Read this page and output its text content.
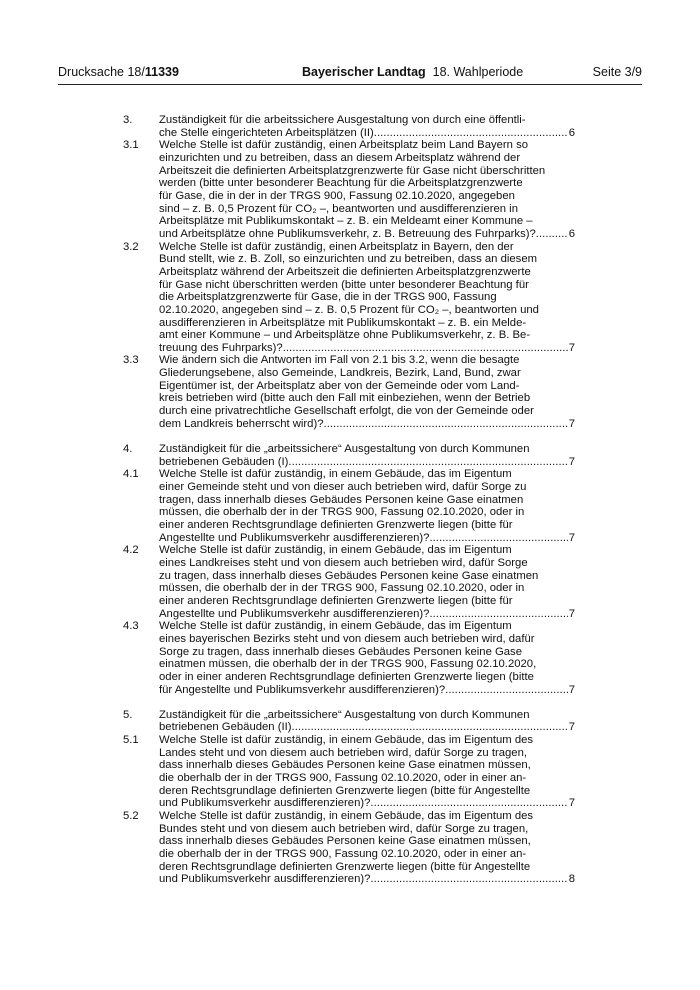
Drucksache 18/11339	Bayerischer Landtag 18. Wahlperiode	Seite 3/9
3. Zuständigkeit für die arbeitssichere Ausgestaltung von durch eine öffentli-
che Stelle eingerichteten Arbeitsplätzen (II) . . .	6
3.1 Welche Stelle ist dafür zuständig, einen Arbeitsplatz beim Land Bayern so
einzurichten und zu betreiben, dass an diesem Arbeitsplatz während der
Arbeitszeit die definierten Arbeitsplatzgrenzwerte für Gase nicht überschritten
werden (bitte unter besonderer Beachtung für die Arbeitsplatzgrenzwerte
für Gase, die in der in der TRGS 900, Fassung 02.10.2020, angegeben
sind – z. B. 0,5 Prozent für CO₂ –, beantworten und ausdifferenzieren in
Arbeitsplätze mit Publikumskontakt – z. B. ein Meldeamt einer Kommune –
und Arbeitsplätze ohne Publikumsverkehr, z. B. Betreuung des Fuhrparks)? . . .	6
3.2 Welche Stelle ist dafür zuständig, einen Arbeitsplatz in Bayern, den der
Bund stellt, wie z. B. Zoll, so einzurichten und zu betreiben, dass an diesem
Arbeitsplatz während der Arbeitszeit die definierten Arbeitsplatzgrenzwerte
für Gase nicht überschritten werden (bitte unter besonderer Beachtung für
die Arbeitsplatzgrenzwerte für Gase, die in der TRGS 900, Fassung
02.10.2020, angegeben sind – z. B. 0,5 Prozent für CO₂ –, beantworten und
ausdifferenzieren in Arbeitsplätze mit Publikumskontakt – z. B. ein Melde-
amt einer Kommune – und Arbeitsplätze ohne Publikumsverkehr, z. B. Be-
treuung des Fuhrparks)? . . .	7
3.3 Wie ändern sich die Antworten im Fall von 2.1 bis 3.2, wenn die besagte
Gliederungsebene, also Gemeinde, Landkreis, Bezirk, Land, Bund, zwar
Eigentümer ist, der Arbeitsplatz aber von der Gemeinde oder vom Land-
kreis betrieben wird (bitte auch den Fall mit einbeziehen, wenn der Betrieb
durch eine privatrechtliche Gesellschaft erfolgt, die von der Gemeinde oder
dem Landkreis beherrscht wird)? . . .	7
4. Zuständigkeit für die „arbeitssichere“ Ausgestaltung von durch Kommunen
betriebenen Gebäuden (I) . . .	7
4.1 Welche Stelle ist dafür zuständig, in einem Gebäude, das im Eigentum
einer Gemeinde steht und von dieser auch betrieben wird, dafür Sorge zu
tragen, dass innerhalb dieses Gebäudes Personen keine Gase einatmen
müssen, die oberhalb der in der TRGS 900, Fassung 02.10.2020, oder in
einer anderen Rechtsgrundlage definierten Grenzwerte liegen (bitte für
Angestellte und Publikumsverkehr ausdifferenzieren)? . . .	7
4.2 Welche Stelle ist dafür zuständig, in einem Gebäude, das im Eigentum
eines Landkreises steht und von diesem auch betrieben wird, dafür Sorge
zu tragen, dass innerhalb dieses Gebäudes Personen keine Gase einatmen
müssen, die oberhalb der in der TRGS 900, Fassung 02.10.2020, oder in
einer anderen Rechtsgrundlage definierten Grenzwerte liegen (bitte für
Angestellte und Publikumsverkehr ausdifferenzieren)? . . .	7
4.3 Welche Stelle ist dafür zuständig, in einem Gebäude, das im Eigentum
eines bayerischen Bezirks steht und von diesem auch betrieben wird, dafür
Sorge zu tragen, dass innerhalb dieses Gebäudes Personen keine Gase
einatmen müssen, die oberhalb der in der TRGS 900, Fassung 02.10.2020,
oder in einer anderen Rechtsgrundlage definierten Grenzwerte liegen (bitte
für Angestellte und Publikumsverkehr ausdifferenzieren)? . . .	7
5. Zuständigkeit für die „arbeitssichere“ Ausgestaltung von durch Kommunen
betriebenen Gebäuden (II) . . .	7
5.1 Welche Stelle ist dafür zuständig, in einem Gebäude, das im Eigentum des
Landes steht und von diesem auch betrieben wird, dafür Sorge zu tragen,
dass innerhalb dieses Gebäudes Personen keine Gase einatmen müssen,
die oberhalb der in der TRGS 900, Fassung 02.10.2020, oder in einer an-
deren Rechtsgrundlage definierten Grenzwerte liegen (bitte für Angestellte
und Publikumsverkehr ausdifferenzieren)? . . .	7
5.2 Welche Stelle ist dafür zuständig, in einem Gebäude, das im Eigentum des
Bundes steht und von diesem auch betrieben wird, dafür Sorge zu tragen,
dass innerhalb dieses Gebäudes Personen keine Gase einatmen müssen,
die oberhalb der in der TRGS 900, Fassung 02.10.2020, oder in einer an-
deren Rechtsgrundlage definierten Grenzwerte liegen (bitte für Angestellte
und Publikumsverkehr ausdifferenzieren)? . . .	8
